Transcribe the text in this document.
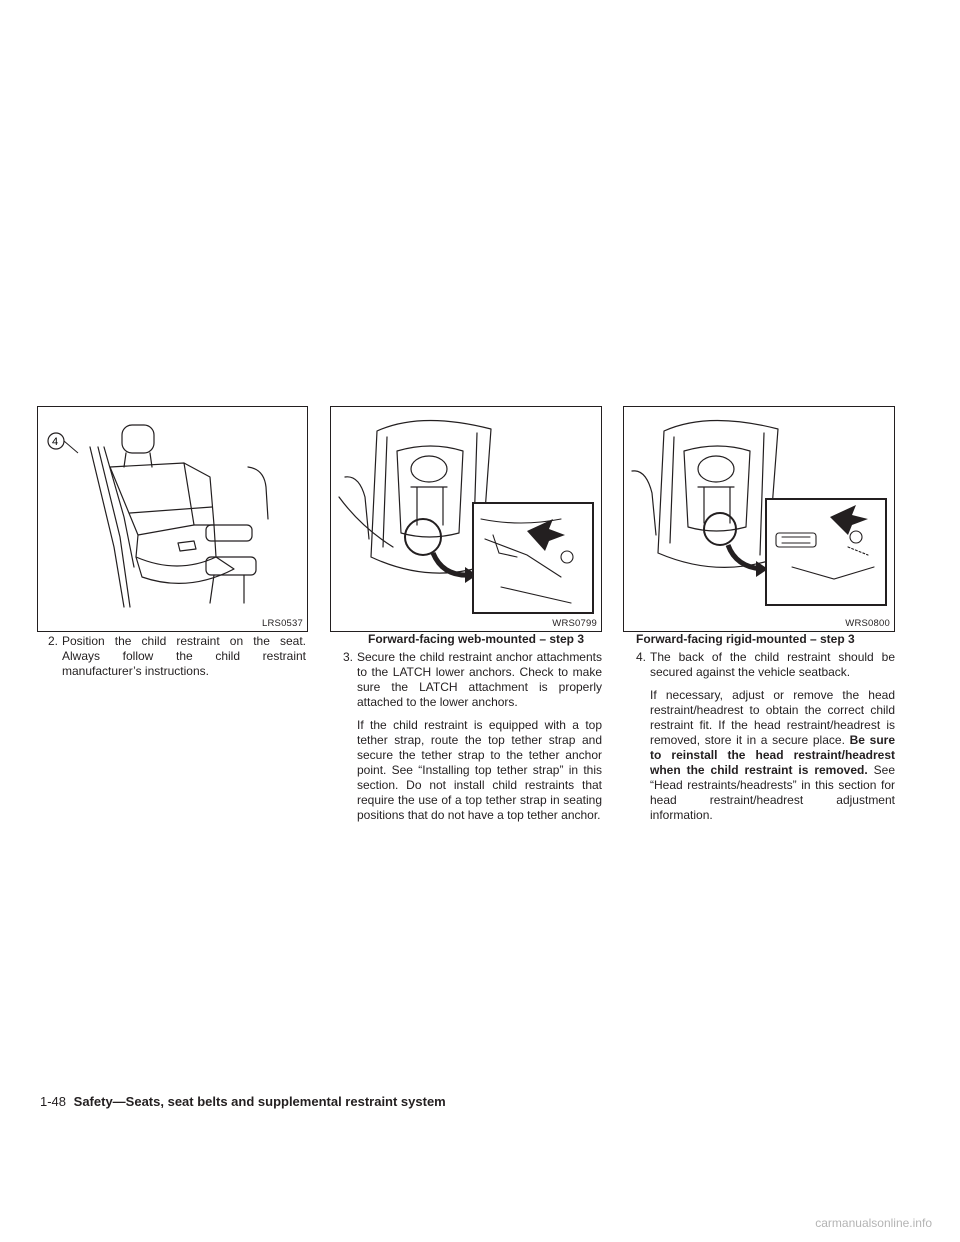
4
LRS0537	WRS0799	WRS0800
Forward-facing web-mounted – step 3	Forward-facing rigid-mounted – step 3
2. Position the child restraint on the seat. Always follow the child restraint manufacturer’s instructions.

3. Secure the child restraint anchor attachments to the LATCH lower anchors. Check to make sure the LATCH attachment is properly attached to the lower anchors.

If the child restraint is equipped with a top tether strap, route the top tether strap and secure the tether strap to the tether anchor point. See “Installing top tether strap” in this section. Do not install child restraints that require the use of a top tether strap in seating positions that do not have a top tether anchor.

4. The back of the child restraint should be secured against the vehicle seatback.

If necessary, adjust or remove the head restraint/headrest to obtain the correct child restraint fit. If the head restraint/headrest is removed, store it in a secure place. Be sure to reinstall the head restraint/headrest when the child restraint is removed. See “Head restraints/headrests” in this section for head restraint/headrest adjustment information.

1-48 Safety—Seats, seat belts and supplemental restraint system
carmanualsonline.info
